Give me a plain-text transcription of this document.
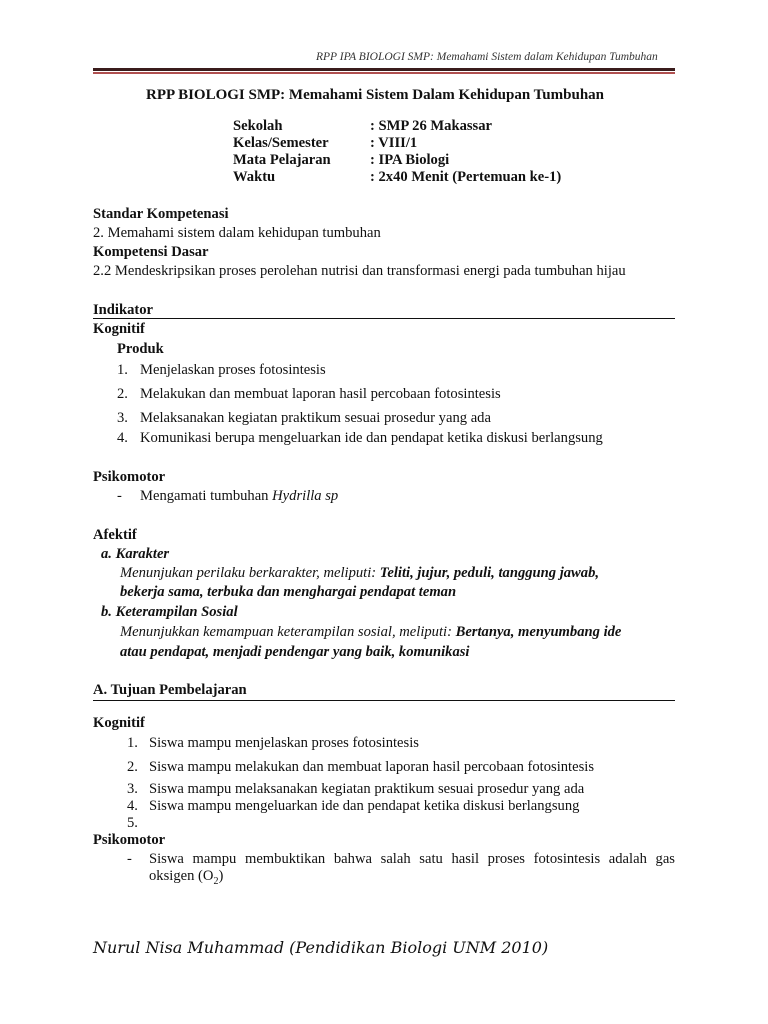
RPP IPA BIOLOGI SMP: Memahami Sistem dalam Kehidupan Tumbuhan
RPP BIOLOGI SMP: Memahami Sistem Dalam Kehidupan Tumbuhan
Sekolah	: SMP 26 Makassar
Kelas/Semester	: VIII/1
Mata Pelajaran	: IPA Biologi
Waktu	: 2x40 Menit (Pertemuan ke-1)
Standar Kompetenasi
2. Memahami sistem dalam kehidupan tumbuhan
Kompetensi Dasar
2.2 Mendeskripsikan proses perolehan nutrisi dan transformasi energi pada tumbuhan hijau
Indikator
Kognitif
Produk
1. Menjelaskan proses fotosintesis
2. Melakukan dan membuat laporan hasil percobaan fotosintesis
3. Melaksanakan kegiatan praktikum sesuai prosedur yang ada
4. Komunikasi berupa mengeluarkan ide dan pendapat ketika diskusi berlangsung
Psikomotor
- Mengamati tumbuhan Hydrilla sp
Afektif
a. Karakter
Menunjukan perilaku berkarakter, meliputi: Teliti, jujur, peduli, tanggung jawab,
bekerja sama, terbuka dan menghargai pendapat teman
b. Keterampilan Sosial
Menunjukkan kemampuan keterampilan sosial, meliputi: Bertanya, menyumbang ide
atau pendapat, menjadi pendengar yang baik, komunikasi
A. Tujuan Pembelajaran
Kognitif
1. Siswa mampu menjelaskan proses fotosintesis
2. Siswa mampu melakukan dan membuat laporan hasil percobaan fotosintesis
3. Siswa mampu melaksanakan kegiatan praktikum sesuai prosedur yang ada
4. Siswa mampu mengeluarkan ide dan pendapat ketika diskusi berlangsung
5.
Psikomotor
- Siswa mampu membuktikan bahwa salah satu hasil proses fotosintesis adalah gas
oksigen $(O_2)$
Nurul Nisa Muhammad (Pendidikan Biologi UNM 2010)
